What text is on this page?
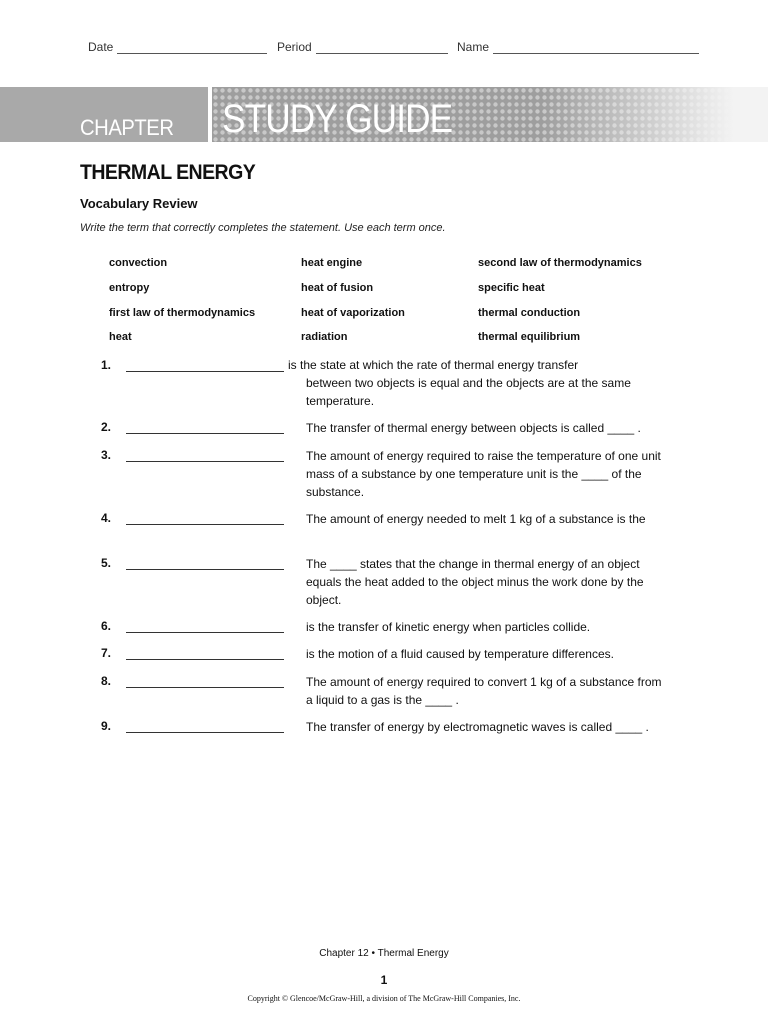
Date	Period	Name
CHAPTER STUDY GUIDE
THERMAL ENERGY
Vocabulary Review
Write the term that correctly completes the statement. Use each term once.
convection	heat engine	second law of thermodynamics
entropy	heat of fusion	specific heat
first law of thermodynamics	heat of vaporization	thermal conduction
heat	radiation	thermal equilibrium
1.	is the state at which the rate of thermal energy transfer
between two objects is equal and the objects are at the same temperature.
2.	The transfer of thermal energy between objects is called ____ .
3.	The amount of energy required to raise the temperature of one unit mass of a substance by one temperature unit is the ____ of the substance.
4.	The amount of energy needed to melt 1 kg of a substance is the
5.	The ____ states that the change in thermal energy of an object equals the heat added to the object minus the work done by the object.
6.	is the transfer of kinetic energy when particles collide.
7.	is the motion of a fluid caused by temperature differences.
8.	The amount of energy required to convert 1 kg of a substance from a liquid to a gas is the ____ .
9.	The transfer of energy by electromagnetic waves is called ____ .
Chapter 12 • Thermal Energy
1
Copyright © Glencoe/McGraw-Hill, a division of The McGraw-Hill Companies, Inc.
